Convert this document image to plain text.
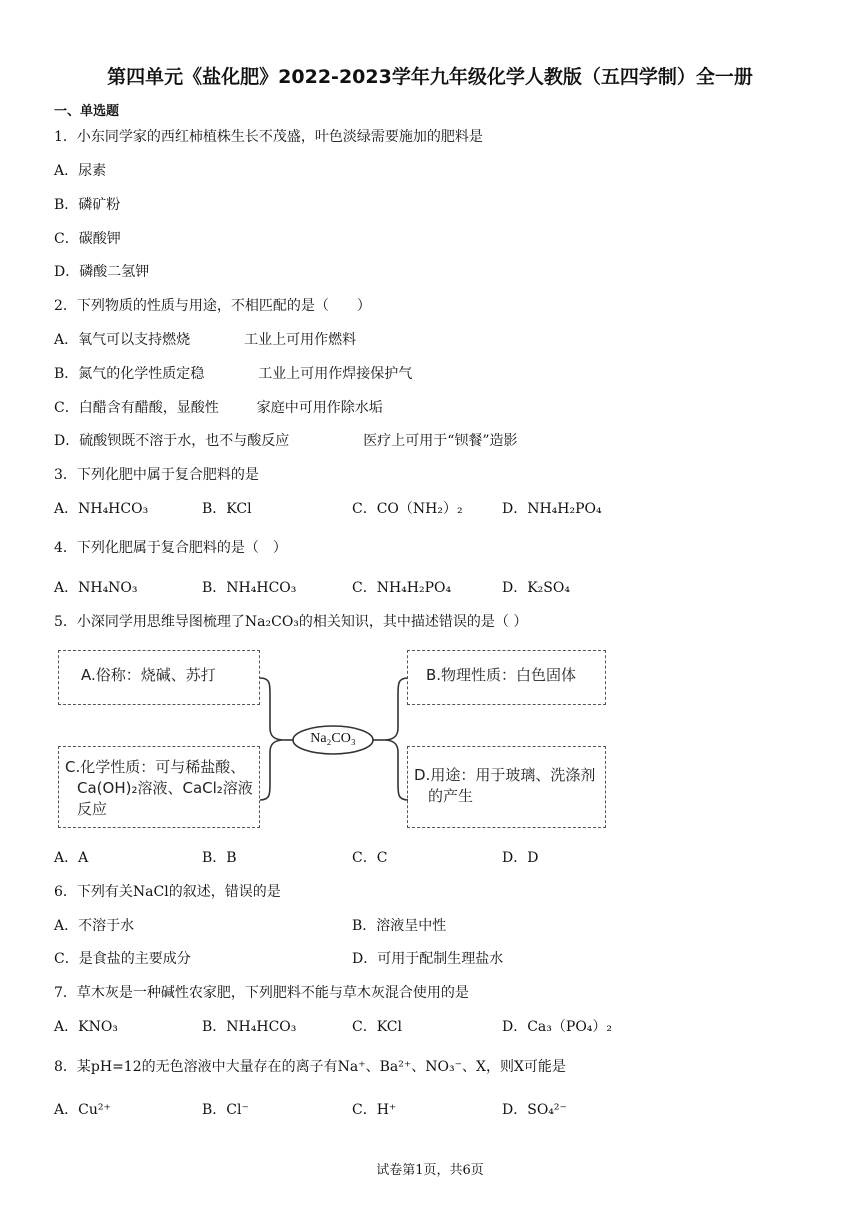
第四单元《盐化肥》2022-2023学年九年级化学人教版（五四学制）全一册
一、单选题
1．小东同学家的西红柿植株生长不茂盛，叶色淡绿需要施加的肥料是
A．尿素
B．磷矿粉
C．碳酸钾
D．磷酸二氢钾
2．下列物质的性质与用途，不相匹配的是（　　）
A．氧气可以支持燃烧	工业上可用作燃料
B．氮气的化学性质定稳	工业上可用作焊接保护气
C．白醋含有醋酸，显酸性	家庭中可用作除水垢
D．硫酸钡既不溶于水，也不与酸反应	医疗上可用于“钡餐”造影
3．下列化肥中属于复合肥料的是
A．NH₄HCO₃	B．KCl	C．CO（NH₂）₂	D．NH₄H₂PO₄
4．下列化肥属于复合肥料的是（　）
A．NH₄NO₃	B．NH₄HCO₃	C．NH₄H₂PO₄	D．K₂SO₄
5．小深同学用思维导图梳理了Na₂CO₃的相关知识，其中描述错误的是（ ）
Na₂CO₃
A.俗称：烧碱、苏打	B.物理性质：白色固体
C.化学性质：可与稀盐酸、
Ca(OH)₂溶液、CaCl₂溶液
反应
D.用途：用于玻璃、洗涤剂
的产生
A．A	B．B	C．C	D．D
6．下列有关NaCl的叙述，错误的是
A．不溶于水	B．溶液呈中性
C．是食盐的主要成分	D．可用于配制生理盐水
7．草木灰是一种碱性农家肥，下列肥料不能与草木灰混合使用的是
A．KNO₃	B．NH₄HCO₃	C．KCl	D．Ca₃（PO₄）₂
8．某pH=12的无色溶液中大量存在的离子有Na⁺、Ba²⁺、NO₃⁻、X，则X可能是
A．Cu²⁺	B．Cl⁻	C．H⁺	D．SO₄²⁻
试卷第1页，共6页
